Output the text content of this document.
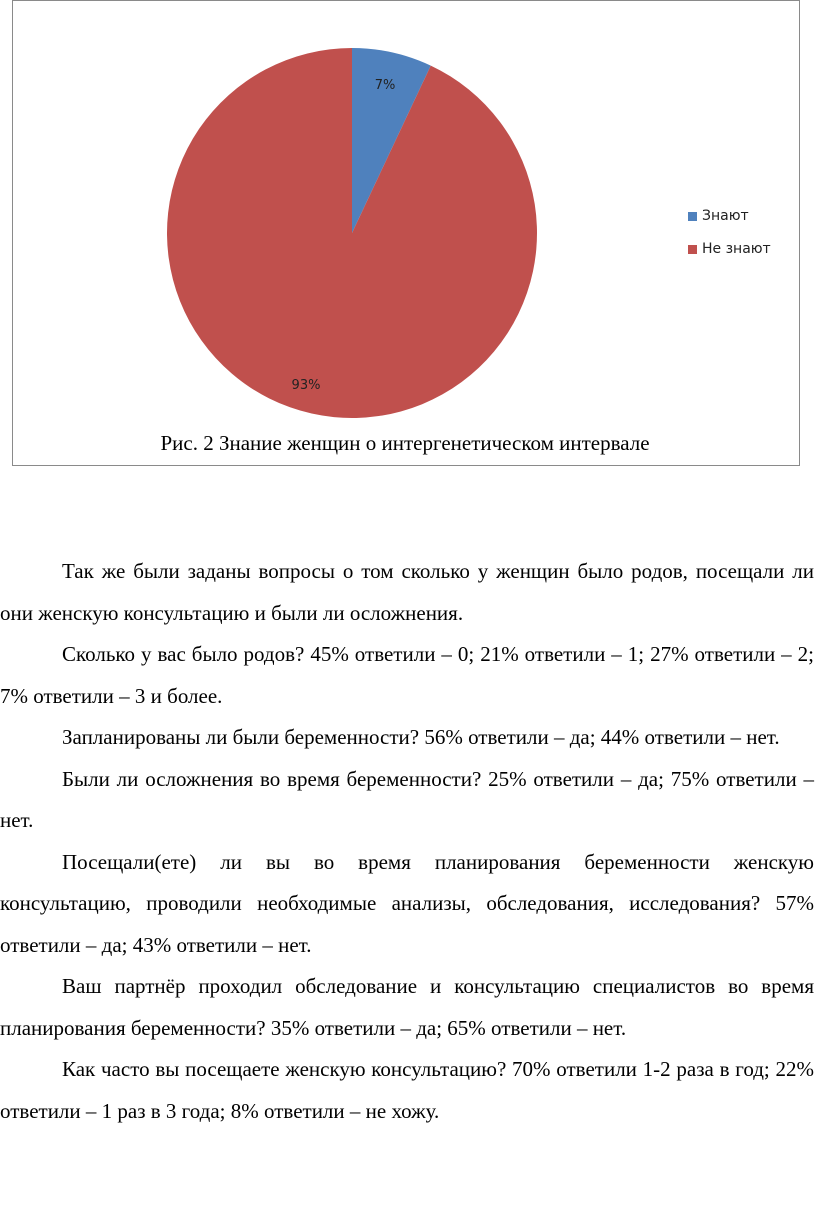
7%
93%
Знают
Не знают
Рис. 2 Знание женщин о интергенетическом интервале

Так же были заданы вопросы о том сколько у женщин было родов, посещали ли они женскую консультацию и были ли осложнения.

Сколько у вас было родов? 45% ответили – 0; 21% ответили – 1; 27% ответили – 2; 7% ответили – 3 и более.

Запланированы ли были беременности? 56% ответили – да; 44% ответили – нет.

Были ли осложнения во время беременности? 25% ответили – да; 75% ответили – нет.

Посещали(ете) ли вы во время планирования беременности женскую консультацию, проводили необходимые анализы, обследования, исследования? 57% ответили – да; 43% ответили – нет.

Ваш партнёр проходил обследование и консультацию специалистов во время планирования беременности? 35% ответили – да; 65% ответили – нет.

Как часто вы посещаете женскую консультацию? 70% ответили 1-2 раза в год; 22% ответили – 1 раз в 3 года; 8% ответили – не хожу.
